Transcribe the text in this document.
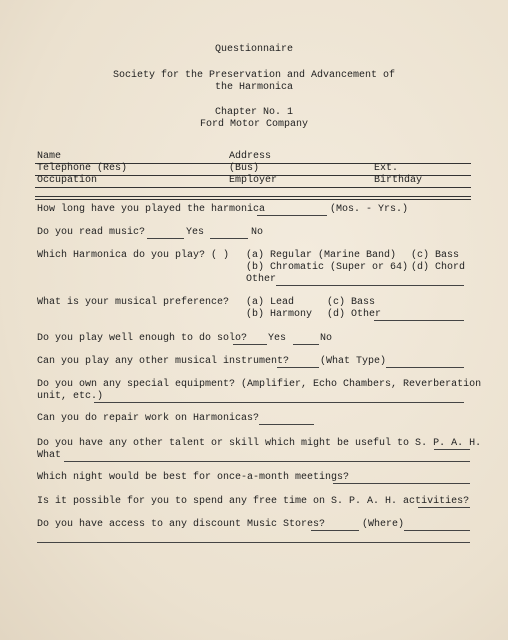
Questionnaire
Society for the Preservation and Advancement of
the Harmonica
Chapter No. 1
Ford Motor Company
Name	Address
Telephone (Res)	(Bus)	Ext.
Occupation	Employer	Birthday
How long have you played the harmonica	(Mos. - Yrs.)
Do you read music?	Yes	No
Which Harmonica do you play? ( ) (a) Regular (Marine Band) (c) Bass
(b) Chromatic (Super or 64) (d) Chord
Other
What is your musical preference? (a) Lead	(c) Bass
(b) Harmony (d) Other
Do you play well enough to do solo? Yes	No
Can you play any other musical instrument?	(What Type)
Do you own any special equipment? (Amplifier, Echo Chambers, Reverberation
unit, etc.)
Can you do repair work on Harmonicas?
Do you have any other talent or skill which might be useful to S. P. A. H.
What
Which night would be best for once-a-month meetings?
Is it possible for you to spend any free time on S. P. A. H. activities?
Do you have access to any discount Music Stores?	(Where)
